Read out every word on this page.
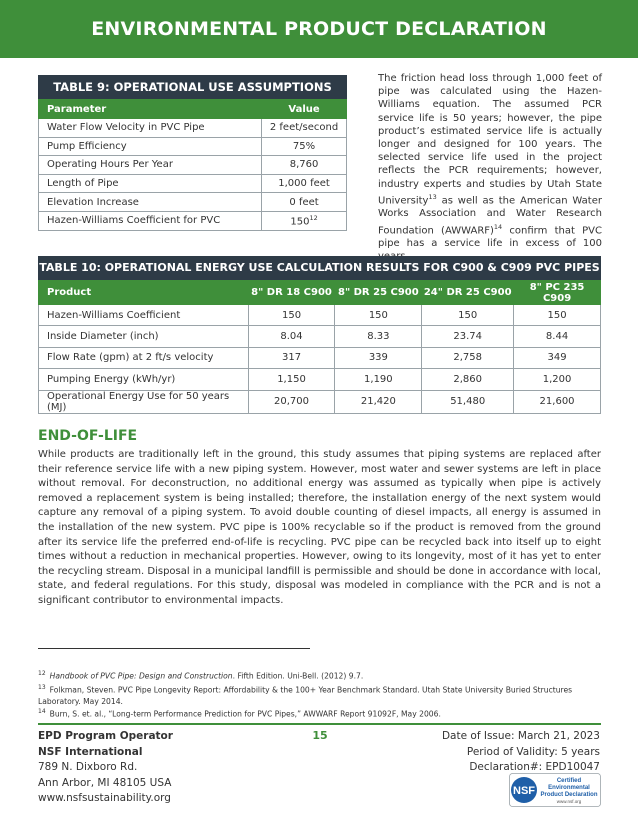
ENVIRONMENTAL PRODUCT DECLARATION
TABLE 9: OPERATIONAL USE ASSUMPTIONS
Parameter	Value
Water Flow Velocity in PVC Pipe	2 feet/second
Pump Efficiency	75%
Operating Hours Per Year	8,760
Length of Pipe	1,000 feet
Elevation Increase	0 feet
Hazen-Williams Coefficient for PVC	$150^{12}$
The friction head loss through 1,000 feet of pipe was calculated using the Hazen-Williams equation. The assumed PCR service life is 50 years; however, the pipe product’s estimated service life is actually longer and designed for 100 years. The selected service life used in the project reflects the PCR requirements; however, industry experts and studies by Utah State University$^{13}$ as well as the American Water Works Association and Water Research Foundation (AWWARF)$^{14}$ confirm that PVC pipe has a service life in excess of 100
TABLE 10: OPERATIONAL ENERGY USE CALCULATION RESULTS FOR C900 & C909 PVC PIPES
Product	8" DR 18 C900	8" DR 25 C900	24" DR 25 C900	8" PC 235 C909
Hazen-Williams Coefficient	150	150	150	150
Inside Diameter (inch)	8.04	8.33	23.74	8.44
Flow Rate (gpm) at 2 ft/s velocity	317	339	2,758	349
Pumping Energy (kWh/yr)	1,150	1,190	2,860	1,200
Operational Energy Use for 50 years (MJ)	20,700	21,420	51,480	21,600
END-OF-LIFE
While products are traditionally left in the ground, this study assumes that piping systems are replaced after their reference service life with a new piping system. However, most water and sewer systems are left in place without removal. For deconstruction, no additional energy was assumed as typically when pipe is actively removed a replacement system is being installed; therefore, the installation energy of the next system would capture any removal of a piping system. To avoid double counting of diesel impacts, all energy is assumed in the installation of the new system. PVC pipe is 100% recyclable so if the product is removed from the ground after its service life the preferred end-of-life is recycling. PVC pipe can be recycled back into itself up to eight times without a reduction in mechanical properties. However, owing to its longevity, most of it has yet to enter the recycling stream. Disposal in a municipal landfill is permissible and should be done in accordance with local, state, and federal regulations. For this study, disposal was modeled in compliance with the PCR and is not a significant contributor to environmental impacts.
$^{12}$ Handbook of PVC Pipe: Design and Construction. Fifth Edition. Uni-Bell. (2012) 9.7.
$^{13}$ Folkman, Steven. PVC Pipe Longevity Report: Affordability & the 100+ Year Benchmark Standard. Utah State University Buried Structures Laboratory. May 2014.
$^{14}$ Burn, S. et. al., “Long-term Performance Prediction for PVC Pipes,” AWWARF Report 91092F, May 2006.
EPD Program Operator
NSF International
789 N. Dixboro Rd.
Ann Arbor, MI 48105 USA
www.nsfsustainability.org
15	Date of Issue: March 21, 2023
Period of Validity: 5 years
Declaration#: EPD10047
NSF
Certified
Environmental
Product Declaration
www.nsf.org
